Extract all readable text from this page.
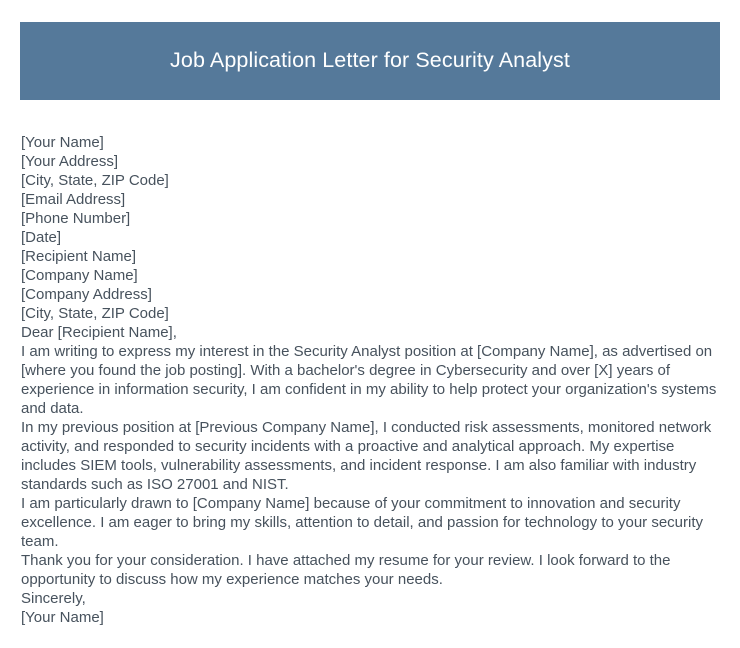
Job Application Letter for Security Analyst
[Your Name]
[Your Address]
[City, State, ZIP Code]
[Email Address]
[Phone Number]
[Date]
[Recipient Name]
[Company Name]
[Company Address]
[City, State, ZIP Code]
Dear [Recipient Name],

I am writing to express my interest in the Security Analyst position at [Company Name], as advertised on [where you found the job posting]. With a bachelor's degree in Cybersecurity and over [X] years of experience in information security, I am confident in my ability to help protect your organization's systems and data.

In my previous position at [Previous Company Name], I conducted risk assessments, monitored network activity, and responded to security incidents with a proactive and analytical approach. My expertise includes SIEM tools, vulnerability assessments, and incident response. I am also familiar with industry standards such as ISO 27001 and NIST.

I am particularly drawn to [Company Name] because of your commitment to innovation and security excellence. I am eager to bring my skills, attention to detail, and passion for technology to your security team.

Thank you for your consideration. I have attached my resume for your review. I look forward to the opportunity to discuss how my experience matches your needs.

Sincerely,
[Your Name]
